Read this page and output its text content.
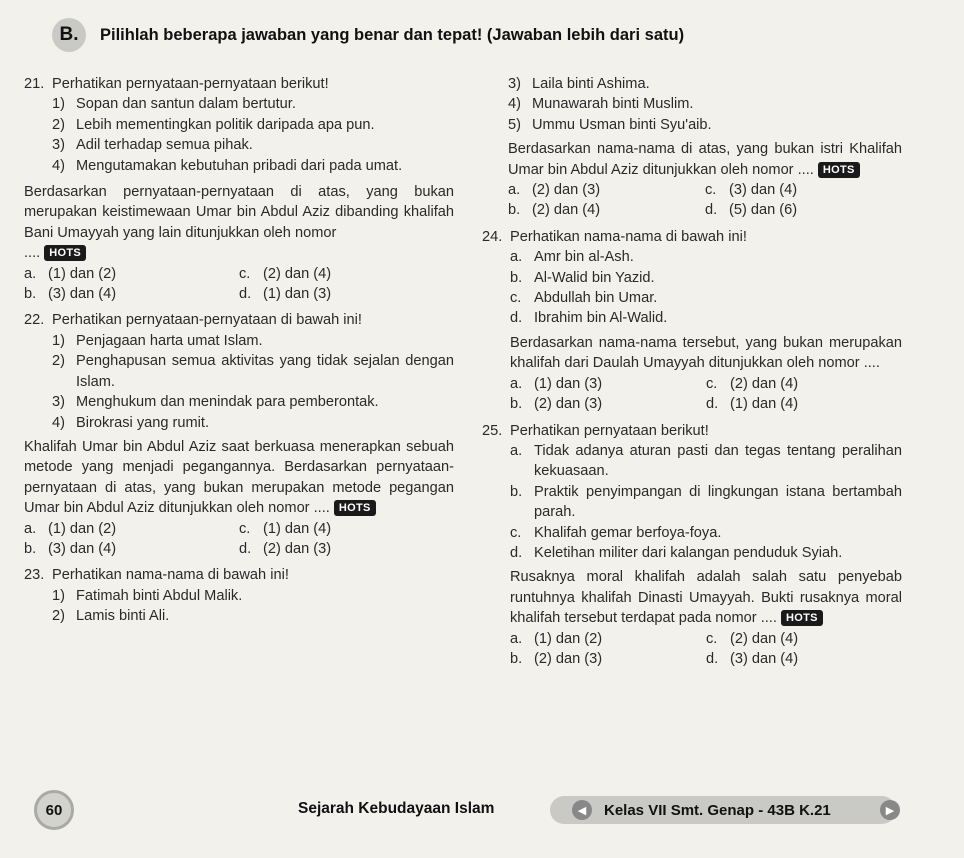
B.	Pilihlah beberapa jawaban yang benar dan tepat! (Jawaban lebih dari satu)
21. Perhatikan pernyataan-pernyataan berikut!
1) Sopan dan santun dalam bertutur.
2) Lebih mementingkan politik daripada apa pun.
3) Adil terhadap semua pihak.
4) Mengutamakan kebutuhan pribadi dari pada umat.
Berdasarkan pernyataan-pernyataan di atas, yang bukan merupakan keistimewaan Umar bin Abdul Aziz dibanding khalifah Bani Umayyah yang lain ditunjukkan oleh nomor
.... HOTS
a. (1) dan (2)	c. (2) dan (4)
b. (3) dan (4)	d. (1) dan (3)
22. Perhatikan pernyataan-pernyataan di bawah ini!
1) Penjagaan harta umat Islam.
2) Penghapusan semua aktivitas yang tidak sejalan dengan Islam.
3) Menghukum dan menindak para pemberontak.
4) Birokrasi yang rumit.
Khalifah Umar bin Abdul Aziz saat berkuasa menerapkan sebuah metode yang menjadi pegangannya. Berdasarkan pernyataan-pernyataan di atas, yang bukan merupakan metode pegangan Umar bin Abdul Aziz ditunjukkan oleh nomor .... HOTS
a. (1) dan (2)	c. (1) dan (4)
b. (3) dan (4)	d. (2) dan (3)
23. Perhatikan nama-nama di bawah ini!
1) Fatimah binti Abdul Malik.
2) Lamis binti Ali.
3) Laila binti Ashima.
4) Munawarah binti Muslim.
5) Ummu Usman binti Syu'aib.
Berdasarkan nama-nama di atas, yang bukan istri Khalifah Umar bin Abdul Aziz ditunjukkan oleh nomor .... HOTS
a. (2) dan (3)	c. (3) dan (4)
b. (2) dan (4)	d. (5) dan (6)
24. Perhatikan nama-nama di bawah ini!
a. Amr bin al-Ash.
b. Al-Walid bin Yazid.
c. Abdullah bin Umar.
d. Ibrahim bin Al-Walid.
Berdasarkan nama-nama tersebut, yang bukan merupakan khalifah dari Daulah Umayyah ditunjukkan oleh nomor ....
a. (1) dan (3)	c. (2) dan (4)
b. (2) dan (3)	d. (1) dan (4)
25. Perhatikan pernyataan berikut!
a. Tidak adanya aturan pasti dan tegas tentang peralihan kekuasaan.
b. Praktik penyimpangan di lingkungan istana bertambah parah.
c. Khalifah gemar berfoya-foya.
d. Keletihan militer dari kalangan penduduk Syiah.
Rusaknya moral khalifah adalah salah satu penyebab runtuhnya khalifah Dinasti Umayyah. Bukti rusaknya moral khalifah tersebut terdapat pada nomor .... HOTS
a. (1) dan (2)	c. (2) dan (4)
b. (2) dan (3)	d. (3) dan (4)
60	Sejarah Kebudayaan Islam	◀	Kelas VII Smt. Genap - 43B K.21	▶
